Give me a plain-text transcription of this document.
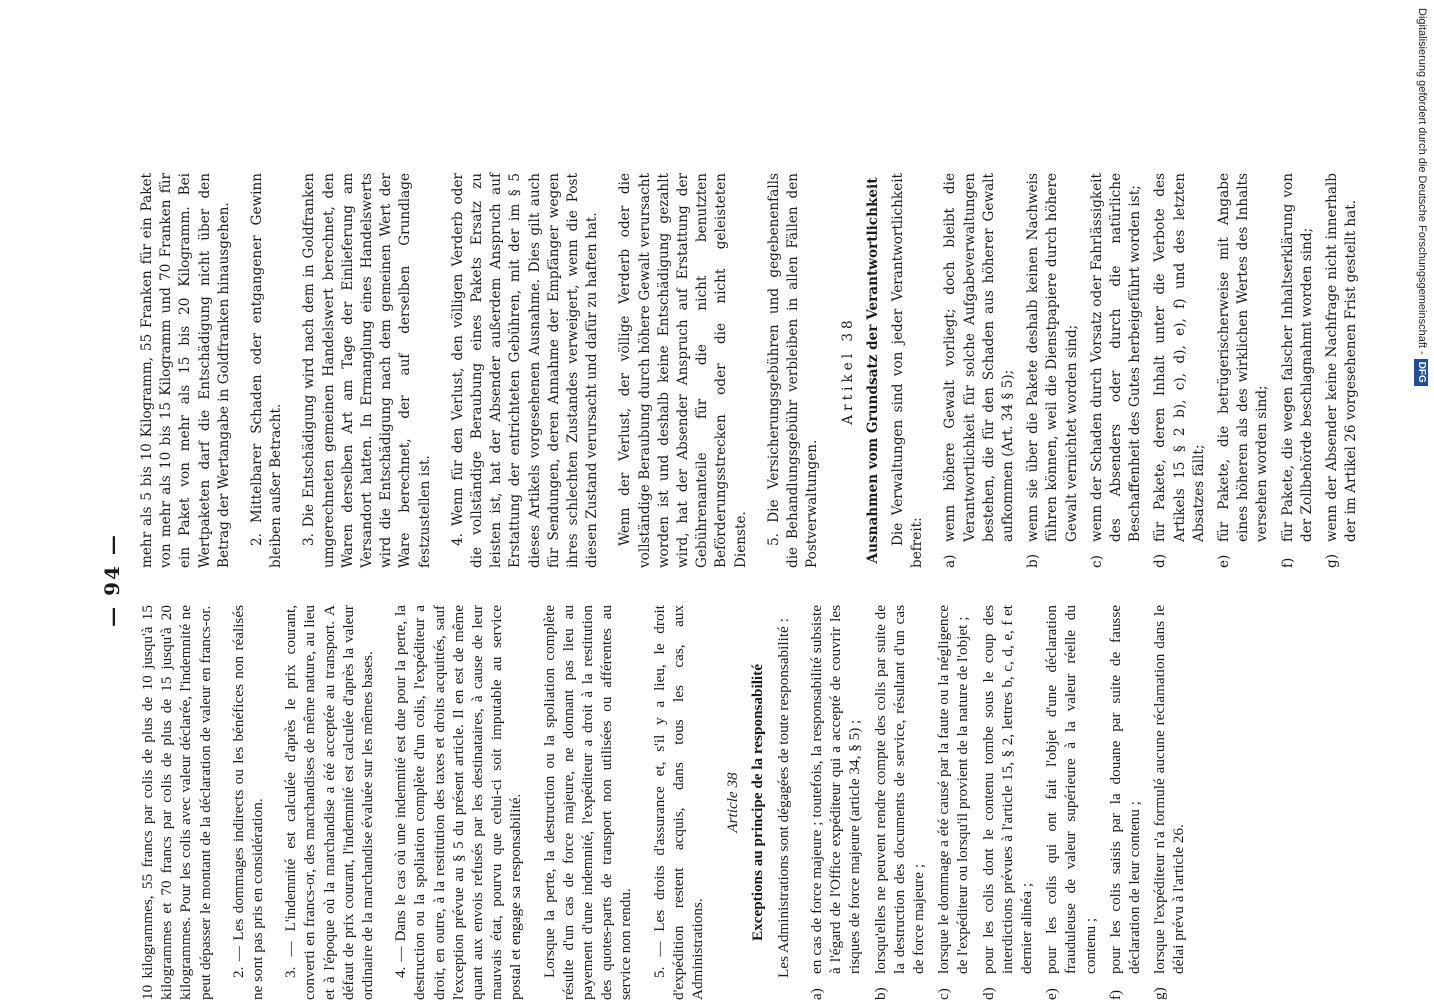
— 94 —

10 kilogrammes, 55 francs par colis de plus de 10 jusqu'à 15 kilogrammes et 70 francs par colis de plus de 15 jusqu'à 20 kilogrammes. Pour les colis avec valeur déclarée, l'indemnité ne peut dépasser le montant de la déclaration de valeur en francs-or. 2. — Les dommages indirects ou les bénéfices non réalisés ne sont pas pris en considération. 3. — L'indemnité est calculée d'après le prix courant, converti en francs-or, des marchandises de même nature, au lieu et à l'époque où la marchandise a été acceptée au transport. A défaut de prix courant, l'indemnité est calculée d'après la valeur ordinaire de la marchandise évaluée sur les mêmes bases. 4. — Dans le cas où une indemnité est due pour la perte, la destruction ou la spoliation complète d'un colis, l'expéditeur a droit, en outre, à la restitution des taxes et droits acquittés, sauf l'exception prévue au § 5 du présent article. Il en est de même quant aux envois refusés par les destinataires, à cause de leur mauvais état, pourvu que celui-ci soit imputable au service postal et engage sa responsabilité. Lorsque la perte, la destruction ou la spoliation complète résulte d'un cas de force majeure, ne donnant pas lieu au payement d'une indemnité, l'expéditeur a droit à la restitution des quotes-parts de transport non utilisées ou afférentes au service non rendu. 5. — Les droits d'assurance et, s'il y a lieu, le droit d'expédition restent acquis, dans tous les cas, aux Administrations.

Article 38 Exceptions au principe de la responsabilité Les Administrations sont dégagées de toute responsabilité :

a)
en cas de force majeure ; toutefois, la responsabilité subsiste à l'égard de l'Office expéditeur qui a accepté de couvrir les risques de force majeure (article 34, § 5) ;
b)
lorsqu'elles ne peuvent rendre compte des colis par suite de la destruction des documents de service, résultant d'un cas de force majeure ;
c)
lorsque le dommage a été causé par la faute ou la négligence de l'expéditeur ou lorsqu'il provient de la nature de l'objet ;
d)
pour les colis dont le contenu tombe sous le coup des interdictions prévues à l'article 15, § 2, lettres b, c, d, e, f et dernier alinéa ;
e)
pour les colis qui ont fait l'objet d'une déclaration frauduleuse de valeur supérieure à la valeur réelle du contenu ;
f)
pour les colis saisis par la douane par suite de fausse déclaration de leur contenu ;
g)
lorsque l'expéditeur n'a formulé aucune réclamation dans le délai prévu à l'article 26.

mehr als 5 bis 10 Kilogramm, 55 Franken für ein Paket von mehr als 10 bis 15 Kilogramm und 70 Franken für ein Paket von mehr als 15 bis 20 Kilogramm. Bei Wertpaketen darf die Entschädigung nicht über den Betrag der Wertangabe in Goldfranken hinausgehen. 2. Mittelbarer Schaden oder entgangener Gewinn bleiben außer Betracht. 3. Die Entschädigung wird nach dem in Goldfranken umgerechneten gemeinen Handelswert berechnet, den Waren derselben Art am Tage der Einlieferung am Versandort hatten. In Ermanglung eines Handelswerts wird die Entschädigung nach dem gemeinen Wert der Ware berechnet, der auf derselben Grundlage festzustellen ist. 4. Wenn für den Verlust, den völligen Verderb oder die vollständige Beraubung eines Pakets Ersatz zu leisten ist, hat der Absender außerdem Anspruch auf Erstattung der entrichteten Gebühren, mit der im § 5 dieses Artikels vorgesehenen Ausnahme. Dies gilt auch für Sendungen, deren Annahme der Empfänger wegen ihres schlechten Zustandes verweigert, wenn die Post diesen Zustand verursacht und dafür zu haften hat. Wenn der Verlust, der völlige Verderb oder die vollständige Beraubung durch höhere Gewalt verursacht worden ist und deshalb keine Entschädigung gezahlt wird, hat der Absender Anspruch auf Erstattung der Gebührenanteile für die nicht benutzten Beförderungsstrecken oder die nicht geleisteten Dienste. 5. Die Versicherungsgebühren und gegebenenfalls die Behandlungsgebühr verbleiben in allen Fällen den Postverwaltungen.

Artikel 38 Ausnahmen vom Grundsatz der Verantwortlichkeit Die Verwaltungen sind von jeder Verantwortlichkeit befreit: a)
wenn höhere Gewalt vorliegt; doch bleibt die Verantwortlichkeit für solche Aufgabeverwaltungen bestehen, die für den Schaden aus höherer Gewalt aufkommen (Art. 34 § 5);
b)
wenn sie über die Pakete deshalb keinen Nachweis führen können, weil die Dienstpapiere durch höhere Gewalt vernichtet worden sind;
c)
wenn der Schaden durch Vorsatz oder Fahrlässigkeit des Absenders oder durch die natürliche Beschaffenheit des Gutes herbeigeführt worden ist;
d)
für Pakete, deren Inhalt unter die Verbote des Artikels 15 § 2 b), c), d), e), f) und des letzten Absatzes fällt;
e)
für Pakete, die betrügerischerweise mit Angabe eines höheren als des wirklichen Wertes des Inhalts versehen worden sind;
f)
für Pakete, die wegen falscher Inhaltserklärung von der Zollbehörde beschlagnahmt worden sind;
g)
wenn der Absender keine Nachfrage nicht innerhalb der im Artikel 26 vorgesehenen Frist gestellt hat.
Digitalisierung gefördert durch die Deutsche Forschungsgemeinschaft -DFG
